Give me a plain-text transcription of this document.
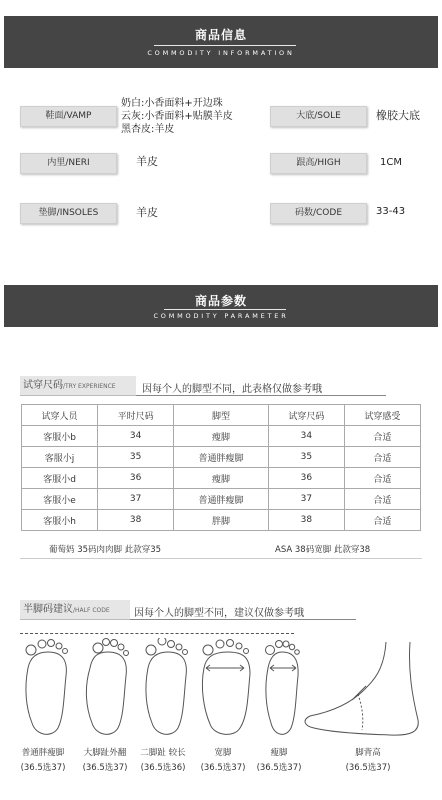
商品信息
COMMODITY INFORMATION
鞋面/VAMP
奶白:小香面料+开边珠
云灰:小香面料+贴膜羊皮
黑杏皮:羊皮
大底/SOLE	橡胶大底
内里/NERI	羊皮	跟高/HIGH	1CM
垫脚/INSOLES	羊皮	码数/CODE	33-43
商品参数
COMMODITY PARAMETER
试穿尺码/TRY EXPERIENCE	因每个人的脚型不同，此表格仅做参考哦
试穿人员	平时尺码	脚型	试穿尺码	试穿感受
客服小b	34	瘦脚	34	合适
客服小j	35	普通胖瘦脚	35	合适
客服小d	36	瘦脚	36	合适
客服小e	37	普通胖瘦脚	37	合适
客服小h	38	胖脚	38	合适
葡萄妈 35码肉肉脚 此款穿35	ASA 38码宽脚 此款穿38
半脚码建议/HALF CODE	因每个人的脚型不同，建议仅做参考哦
普通胖瘦脚
(36.5选37)
大脚趾外翻
(36.5选37)
二脚趾 较长
(36.5选36)
宽脚
(36.5选37)
瘦脚
(36.5选37)
脚背高
(36.5选37)
